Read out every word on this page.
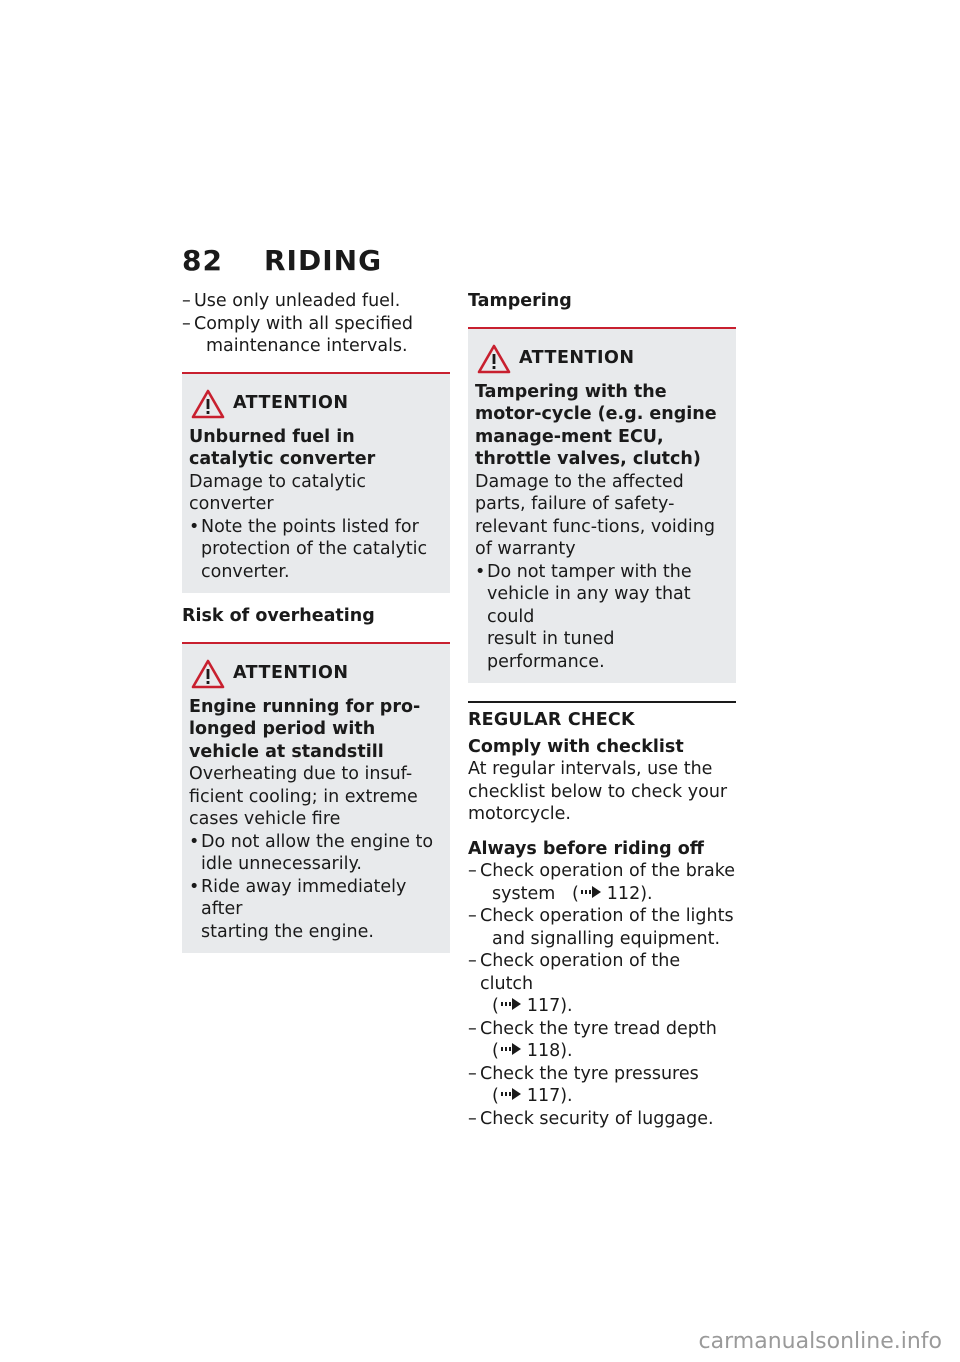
82	RIDING
– Use only unleaded fuel.
– Comply with all specified
maintenance intervals.
ATTENTION
Unburned fuel in catalytic converter
Damage to catalytic converter
• Note the points listed for
protection of the catalytic
converter.
Risk of overheating
ATTENTION
Engine running for pro-longed period with vehicle at standstill
Overheating due to insuf-ficient cooling; in extreme cases vehicle fire
• Do not allow the engine to
idle unnecessarily.
• Ride away immediately after
starting the engine.
Tampering
ATTENTION
Tampering with the motor-cycle (e.g. engine manage-ment ECU, throttle valves, clutch)
Damage to the affected parts, failure of safety-relevant func-tions, voiding of warranty
• Do not tamper with the
vehicle in any way that could
result in tuned performance.
REGULAR CHECK
Comply with checklist
At regular intervals, use the checklist below to check your motorcycle.
Always before riding off
– Check operation of the brake
system   ( 112).
– Check operation of the lights
and signalling equipment.
– Check operation of the clutch
( 117).
– Check the tyre tread depth
( 118).
– Check the tyre pressures
( 117).
– Check security of luggage.
carmanualsonline.info
